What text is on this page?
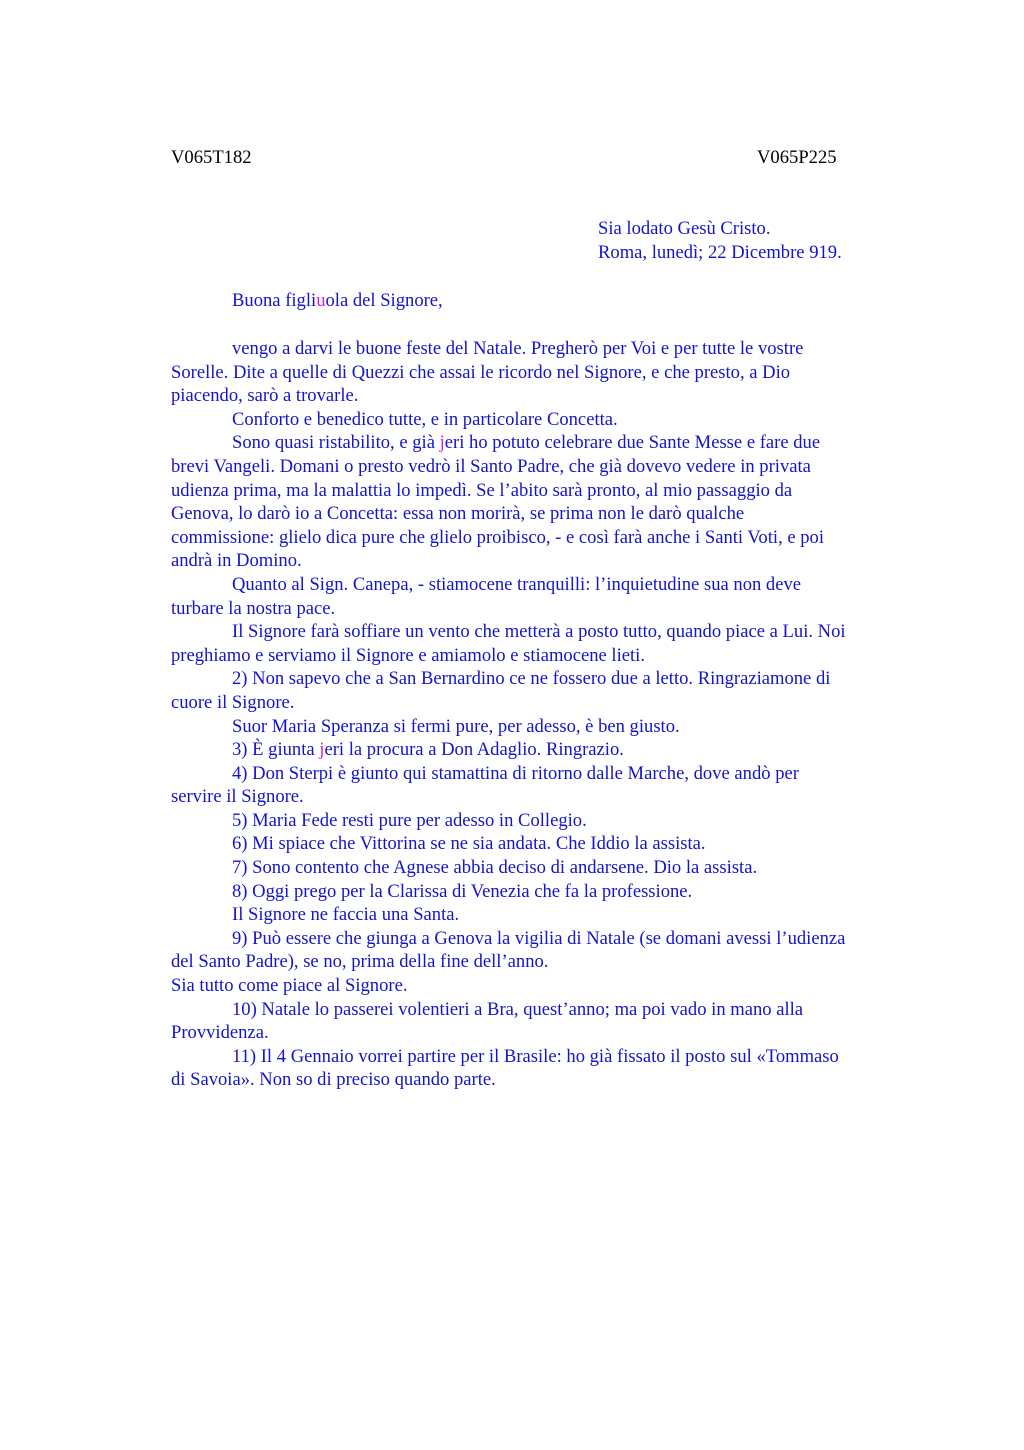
V065T182	V065P225
Sia lodato Gesù Cristo.
Roma, lunedì; 22 Dicembre 919.
Buona figliuola del Signore,

vengo a darvi le buone feste del Natale. Pregherò per Voi e per tutte le vostre
Sorelle. Dite a quelle di Quezzi che assai le ricordo nel Signore, e che presto, a Dio
piacendo, sarò a trovarle.

Conforto e benedico tutte, e in particolare Concetta.

Sono quasi ristabilito, e già jeri ho potuto celebrare due Sante Messe e fare due
brevi Vangeli. Domani o presto vedrò il Santo Padre, che già dovevo vedere in privata
udienza prima, ma la malattia lo impedì. Se l’abito sarà pronto, al mio passaggio da
Genova, lo darò io a Concetta: essa non morirà, se prima non le darò qualche
commissione: glielo dica pure che glielo proibisco, - e così farà anche i Santi Voti, e poi
andrà in Domino.

Quanto al Sign. Canepa, - stiamocene tranquilli: l’inquietudine sua non deve
turbare la nostra pace.

Il Signore farà soffiare un vento che metterà a posto tutto, quando piace a Lui. Noi
preghiamo e serviamo il Signore e amiamolo e stiamocene lieti.

2) Non sapevo che a San Bernardino ce ne fossero due a letto. Ringraziamone di
cuore il Signore.

Suor Maria Speranza si fermi pure, per adesso, è ben giusto.

3) È giunta jeri la procura a Don Adaglio. Ringrazio.

4) Don Sterpi è giunto qui stamattina di ritorno dalle Marche, dove andò per
servire il Signore.

5) Maria Fede resti pure per adesso in Collegio.

6) Mi spiace che Vittorina se ne sia andata. Che Iddio la assista.

7) Sono contento che Agnese abbia deciso di andarsene. Dio la assista.

8) Oggi prego per la Clarissa di Venezia che fa la professione.

Il Signore ne faccia una Santa.

9) Può essere che giunga a Genova la vigilia di Natale (se domani avessi l’udienza
del Santo Padre), se no, prima della fine dell’anno.

Sia tutto come piace al Signore.

10) Natale lo passerei volentieri a Bra, quest’anno; ma poi vado in mano alla
Provvidenza.

11) Il 4 Gennaio vorrei partire per il Brasile: ho già fissato il posto sul «Tommaso
di Savoia». Non so di preciso quando parte.
